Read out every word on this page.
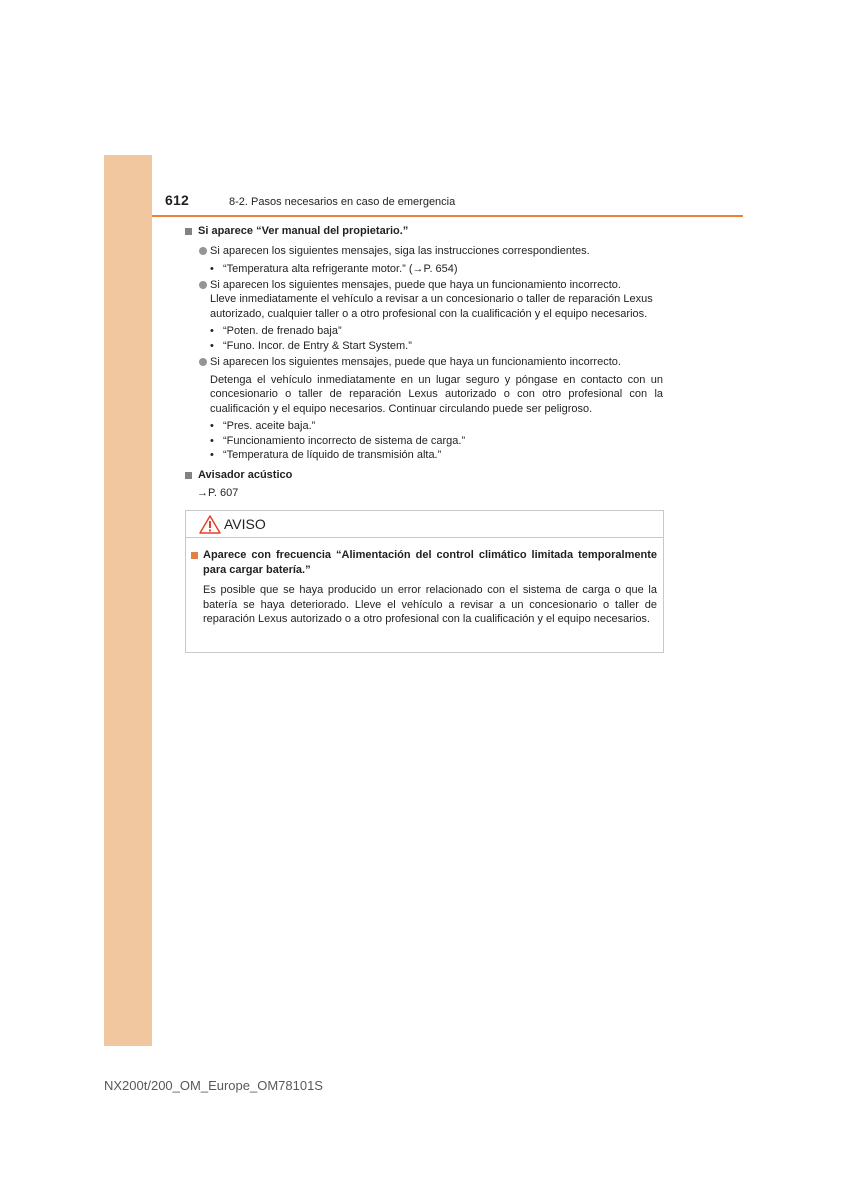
612	8-2. Pasos necesarios en caso de emergencia

Si aparece “Ver manual del propietario.”

Si aparecen los siguientes mensajes, siga las instrucciones correspondientes.

• “Temperatura alta refrigerante motor.” (→P. 654)

Si aparecen los siguientes mensajes, puede que haya un funcionamiento incorrecto.

Lleve inmediatamente el vehículo a revisar a un concesionario o taller de reparación Lexus autorizado, cualquier taller o a otro profesional con la cualificación y el equipo necesarios.

• “Poten. de frenado baja”

• “Funo. Incor. de Entry & Start System.”

Si aparecen los siguientes mensajes, puede que haya un funcionamiento incorrecto.

Detenga el vehículo inmediatamente en un lugar seguro y póngase en contacto con un concesionario o taller de reparación Lexus autorizado o con otro profesional con la cualificación y el equipo necesarios. Continuar circulando puede ser peligroso.

• “Pres. aceite baja.”

• “Funcionamiento incorrecto de sistema de carga.”

• “Temperatura de líquido de transmisión alta.”

Avisador acústico

→P. 607

AVISO

Aparece con frecuencia “Alimentación del control climático limitada temporalmente para cargar batería.”

Es posible que se haya producido un error relacionado con el sistema de carga o que la batería se haya deteriorado. Lleve el vehículo a revisar a un concesionario o taller de reparación Lexus autorizado o a otro profesional con la cualificación y el equipo necesarios.

NX200t/200_OM_Europe_OM78101S
